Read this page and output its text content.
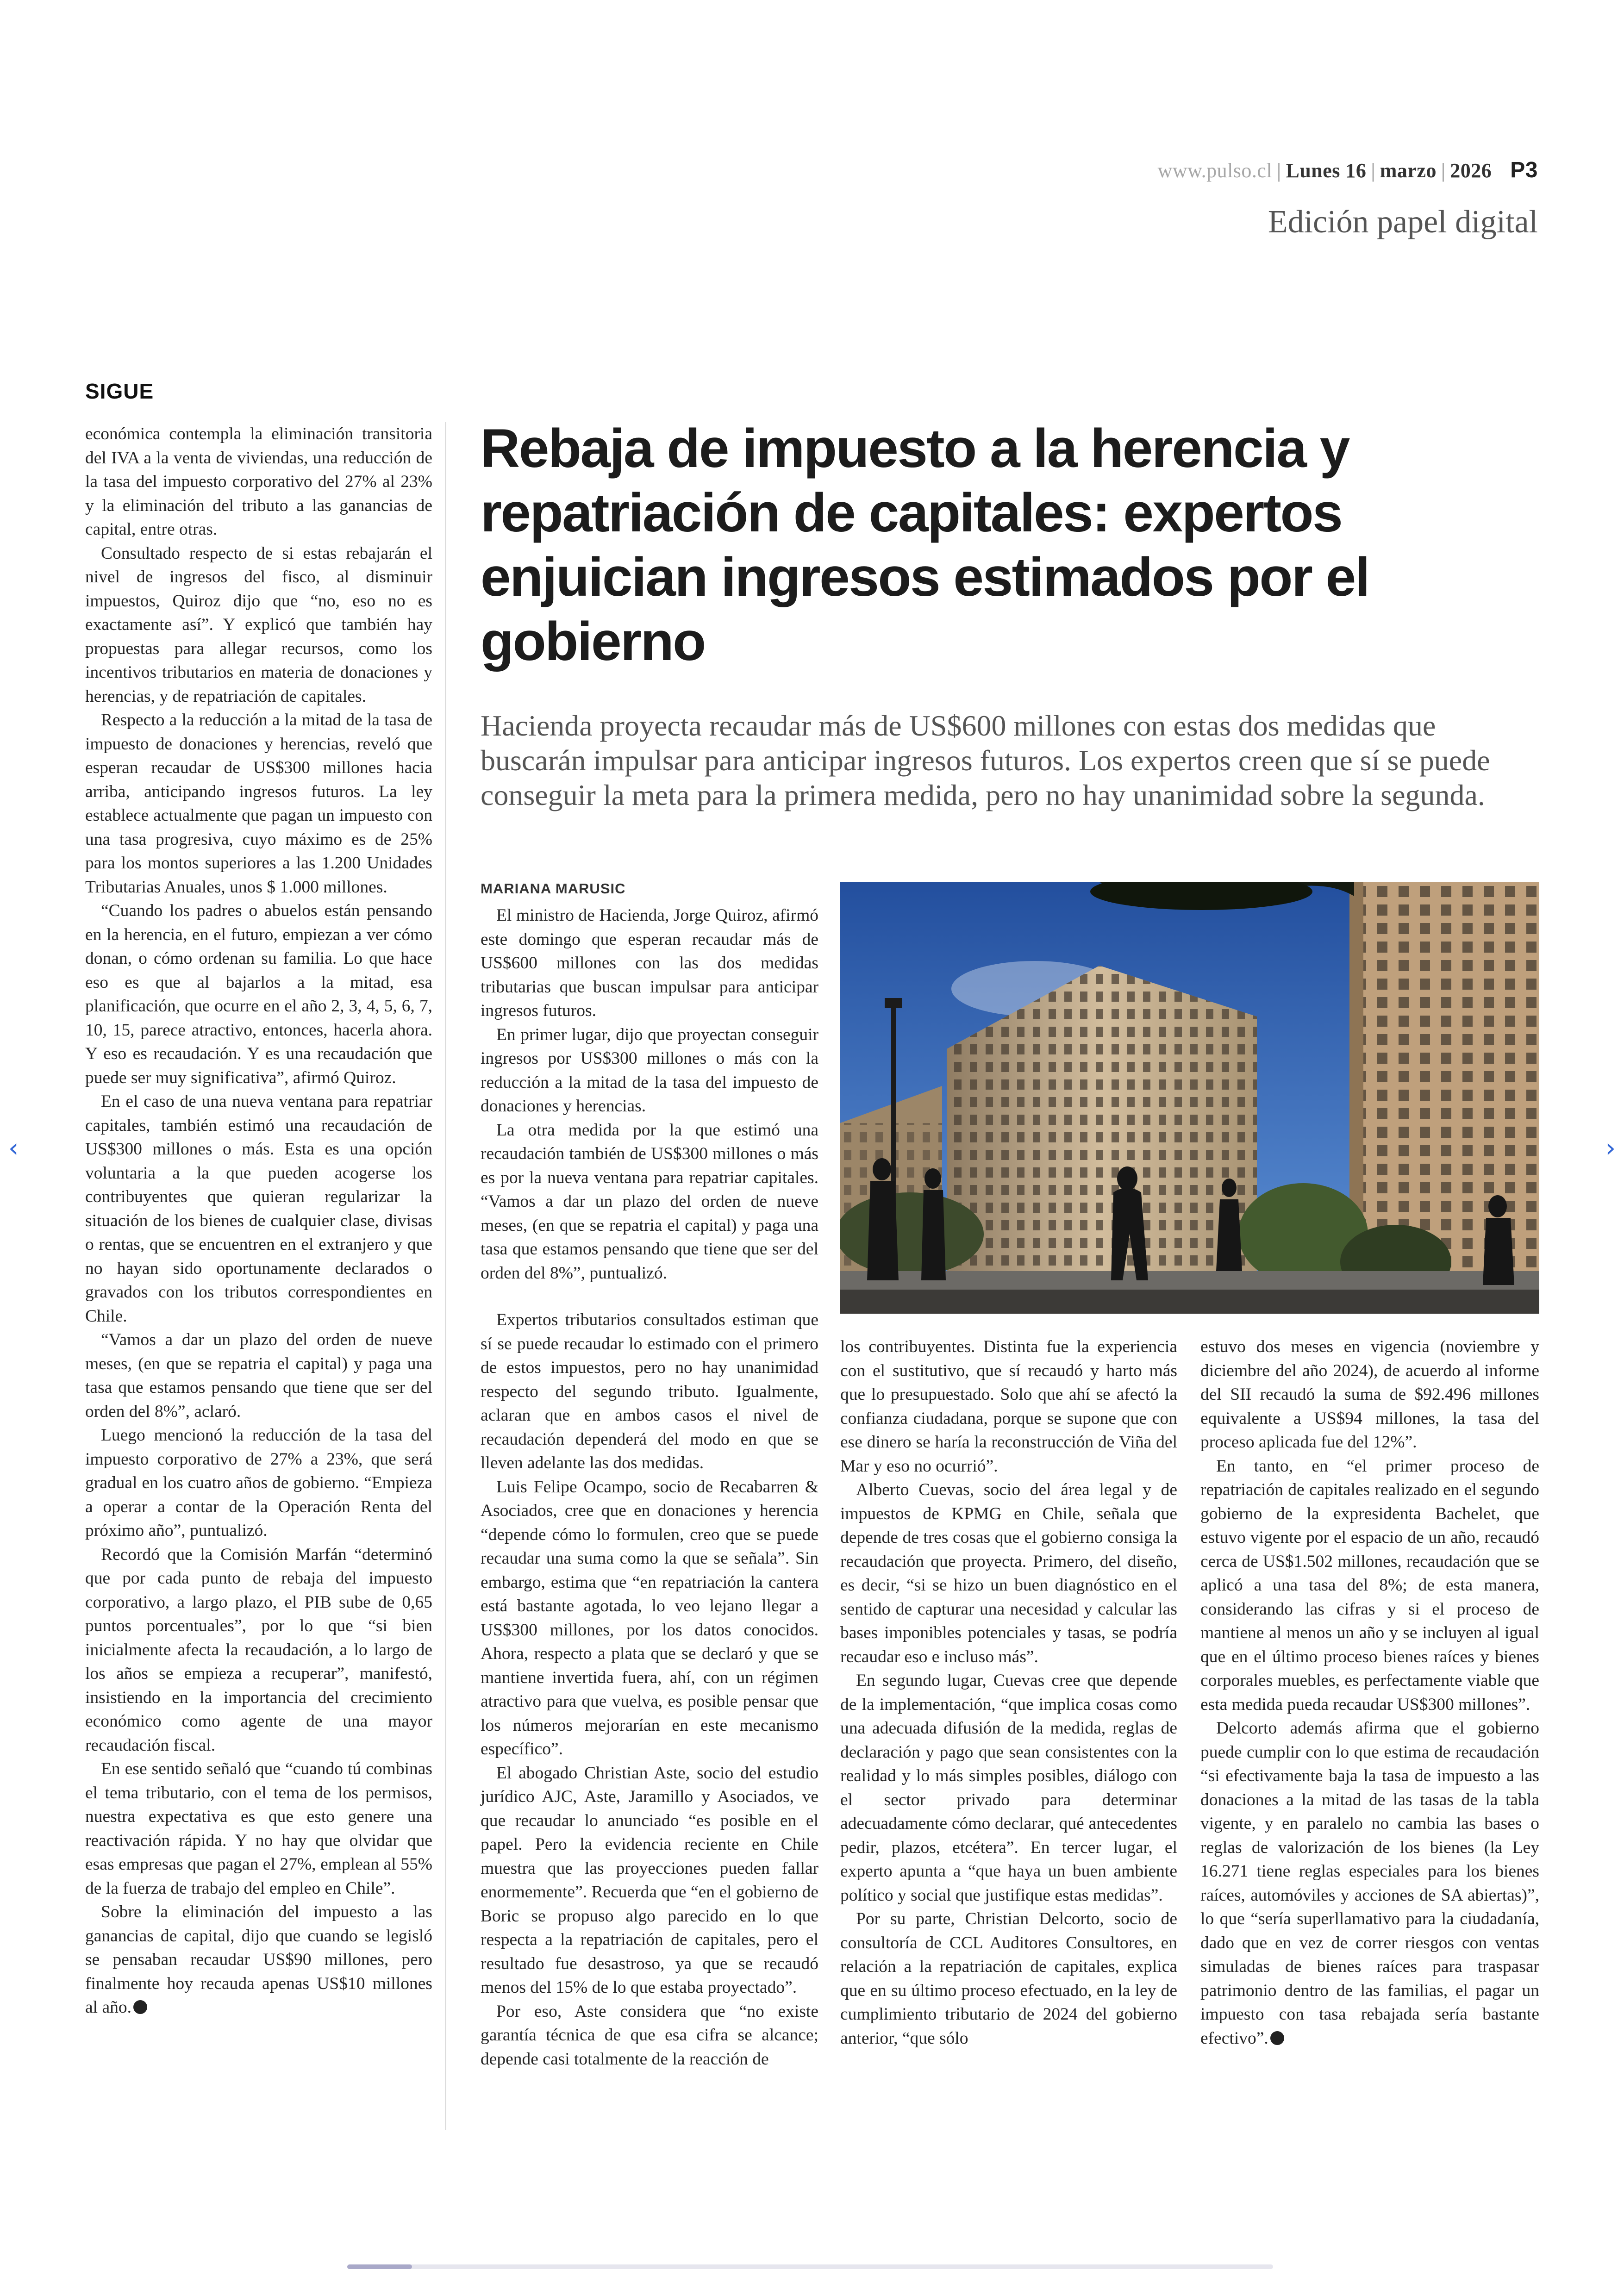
www.pulso.cl | Lunes 16 | marzo | 2026 P3
Edición papel digital
SIGUE

económica contempla la eliminación transitoria del IVA a la venta de viviendas, una reducción de la tasa del impuesto corporativo del 27% al 23% y la eliminación del tributo a las ganancias de capital, entre otras.

Consultado respecto de si estas rebajarán el nivel de ingresos del fisco, al disminuir impuestos, Quiroz dijo que “no, eso no es exactamente así”. Y explicó que también hay propuestas para allegar recursos, como los incentivos tributarios en materia de donaciones y herencias, y de repatriación de capitales.

Respecto a la reducción a la mitad de la tasa de impuesto de donaciones y herencias, reveló que esperan recaudar de US$300 millones hacia arriba, anticipando ingresos futuros. La ley establece actualmente que pagan un impuesto con una tasa progresiva, cuyo máximo es de 25% para los montos superiores a las 1.200 Unidades Tributarias Anuales, unos $ 1.000 millones.

“Cuando los padres o abuelos están pensando en la herencia, en el futuro, empiezan a ver cómo donan, o cómo ordenan su familia. Lo que hace eso es que al bajarlos a la mitad, esa planificación, que ocurre en el año 2, 3, 4, 5, 6, 7, 10, 15, parece atractivo, entonces, hacerla ahora. Y eso es recaudación. Y es una recaudación que puede ser muy significativa”, afirmó Quiroz.

En el caso de una nueva ventana para repatriar capitales, también estimó una recaudación de US$300 millones o más. Esta es una opción voluntaria a la que pueden acogerse los contribuyentes que quieran regularizar la situación de los bienes de cualquier clase, divisas o rentas, que se encuentren en el extranjero y que no hayan sido oportunamente declarados o gravados con los tributos correspondientes en Chile.

“Vamos a dar un plazo del orden de nueve meses, (en que se repatria el capital) y paga una tasa que estamos pensando que tiene que ser del orden del 8%”, aclaró.

Luego mencionó la reducción de la tasa del impuesto corporativo de 27% a 23%, que será gradual en los cuatro años de gobierno. “Empieza a operar a contar de la Operación Renta del próximo año”, puntualizó.

Recordó que la Comisión Marfán “determinó que por cada punto de rebaja del impuesto corporativo, a largo plazo, el PIB sube de 0,65 puntos porcentuales”, por lo que “si bien inicialmente afecta la recaudación, a lo largo de los años se empieza a recuperar”, manifestó, insistiendo en la importancia del crecimiento económico como agente de una mayor recaudación fiscal.

En ese sentido señaló que “cuando tú combinas el tema tributario, con el tema de los permisos, nuestra expectativa es que esto genere una reactivación rápida. Y no hay que olvidar que esas empresas que pagan el 27%, emplean al 55% de la fuerza de trabajo del empleo en Chile”.

Sobre la eliminación del impuesto a las ganancias de capital, dijo que cuando se legisló se pensaban recaudar US$90 millones, pero finalmente hoy recauda apenas US$10 millones al año.

Rebaja de impuesto a la herencia y repatriación de capitales: expertos enjuician ingresos estimados por el gobierno

Hacienda proyecta recaudar más de US$600 millones con estas dos medidas que buscarán impulsar para anticipar ingresos futuros. Los expertos creen que sí se puede conseguir la meta para la primera medida, pero no hay unanimidad sobre la segunda.

MARIANA MARUSIC

El ministro de Hacienda, Jorge Quiroz, afirmó este domingo que esperan recaudar más de US$600 millones con las dos medidas tributarias que buscan impulsar para anticipar ingresos futuros.

En primer lugar, dijo que proyectan conseguir ingresos por US$300 millones o más con la reducción a la mitad de la tasa del impuesto de donaciones y herencias.

La otra medida por la que estimó una recaudación también de US$300 millones o más es por la nueva ventana para repatriar capitales. “Vamos a dar un plazo del orden de nueve meses, (en que se repatria el capital) y paga una tasa que estamos pensando que tiene que ser del orden del 8%”, puntualizó.

Expertos tributarios consultados estiman que sí se puede recaudar lo estimado con el primero de estos impuestos, pero no hay unanimidad respecto del segundo tributo. Igualmente, aclaran que en ambos casos el nivel de recaudación dependerá del modo en que se lleven adelante las dos medidas.

Luis Felipe Ocampo, socio de Recabarren & Asociados, cree que en donaciones y herencia “depende cómo lo formulen, creo que se puede recaudar una suma como la que se señala”. Sin embargo, estima que “en repatriación la cantera está bastante agotada, lo veo lejano llegar a US$300 millones, por los datos conocidos. Ahora, respecto a plata que se declaró y que se mantiene invertida fuera, ahí, con un régimen atractivo para que vuelva, es posible pensar que los números mejorarían en este mecanismo específico”.

El abogado Christian Aste, socio del estudio jurídico AJC, Aste, Jaramillo y Asociados, ve que recaudar lo anunciado “es posible en el papel. Pero la evidencia reciente en Chile muestra que las proyecciones pueden fallar enormemente”. Recuerda que “en el gobierno de Boric se propuso algo parecido en lo que respecta a la repatriación de capitales, pero el resultado fue desastroso, ya que se recaudó menos del 15% de lo que estaba proyectado”.

Por eso, Aste considera que “no existe garantía técnica de que esa cifra se alcance; depende casi totalmente de la reacción de

los contribuyentes. Distinta fue la experiencia con el sustitutivo, que sí recaudó y harto más que lo presupuestado. Solo que ahí se afectó la confianza ciudadana, porque se supone que con ese dinero se haría la reconstrucción de Viña del Mar y eso no ocurrió”.

Alberto Cuevas, socio del área legal y de impuestos de KPMG en Chile, señala que depende de tres cosas que el gobierno consiga la recaudación que proyecta. Primero, del diseño, es decir, “si se hizo un buen diagnóstico en el sentido de capturar una necesidad y calcular las bases imponibles potenciales y tasas, se podría recaudar eso e incluso más”.

En segundo lugar, Cuevas cree que depende de la implementación, “que implica cosas como una adecuada difusión de la medida, reglas de declaración y pago que sean consistentes con la realidad y lo más simples posibles, diálogo con el sector privado para determinar adecuadamente cómo declarar, qué antecedentes pedir, plazos, etcétera”. En tercer lugar, el experto apunta a “que haya un buen ambiente político y social que justifique estas medidas”.

Por su parte, Christian Delcorto, socio de consultoría de CCL Auditores Consultores, en relación a la repatriación de capitales, explica que en su último proceso efectuado, en la ley de cumplimiento tributario de 2024 del gobierno anterior, “que sólo

estuvo dos meses en vigencia (noviembre y diciembre del año 2024), de acuerdo al informe del SII recaudó la suma de $92.496 millones equivalente a US$94 millones, la tasa del proceso aplicada fue del 12%”.

En tanto, en “el primer proceso de repatriación de capitales realizado en el segundo gobierno de la expresidenta Bachelet, que estuvo vigente por el espacio de un año, recaudó cerca de US$1.502 millones, recaudación que se aplicó a una tasa del 8%; de esta manera, considerando las cifras y si el proceso de mantiene al menos un año y se incluyen al igual que en el último proceso bienes raíces y bienes corporales muebles, es perfectamente viable que esta medida pueda recaudar US$300 millones”.

Delcorto además afirma que el gobierno puede cumplir con lo que estima de recaudación “si efectivamente baja la tasa de impuesto a las donaciones a la mitad de las tasas de la tabla vigente, y en paralelo no cambia las bases o reglas de valorización de los bienes (la Ley 16.271 tiene reglas especiales para los bienes raíces, automóviles y acciones de SA abiertas)”, lo que “sería superllamativo para la ciudadanía, dado que en vez de correr riesgos con ventas simuladas de bienes raíces para traspasar patrimonio dentro de las familias, el pagar un impuesto con tasa rebajada sería bastante efectivo”.

‹	›
